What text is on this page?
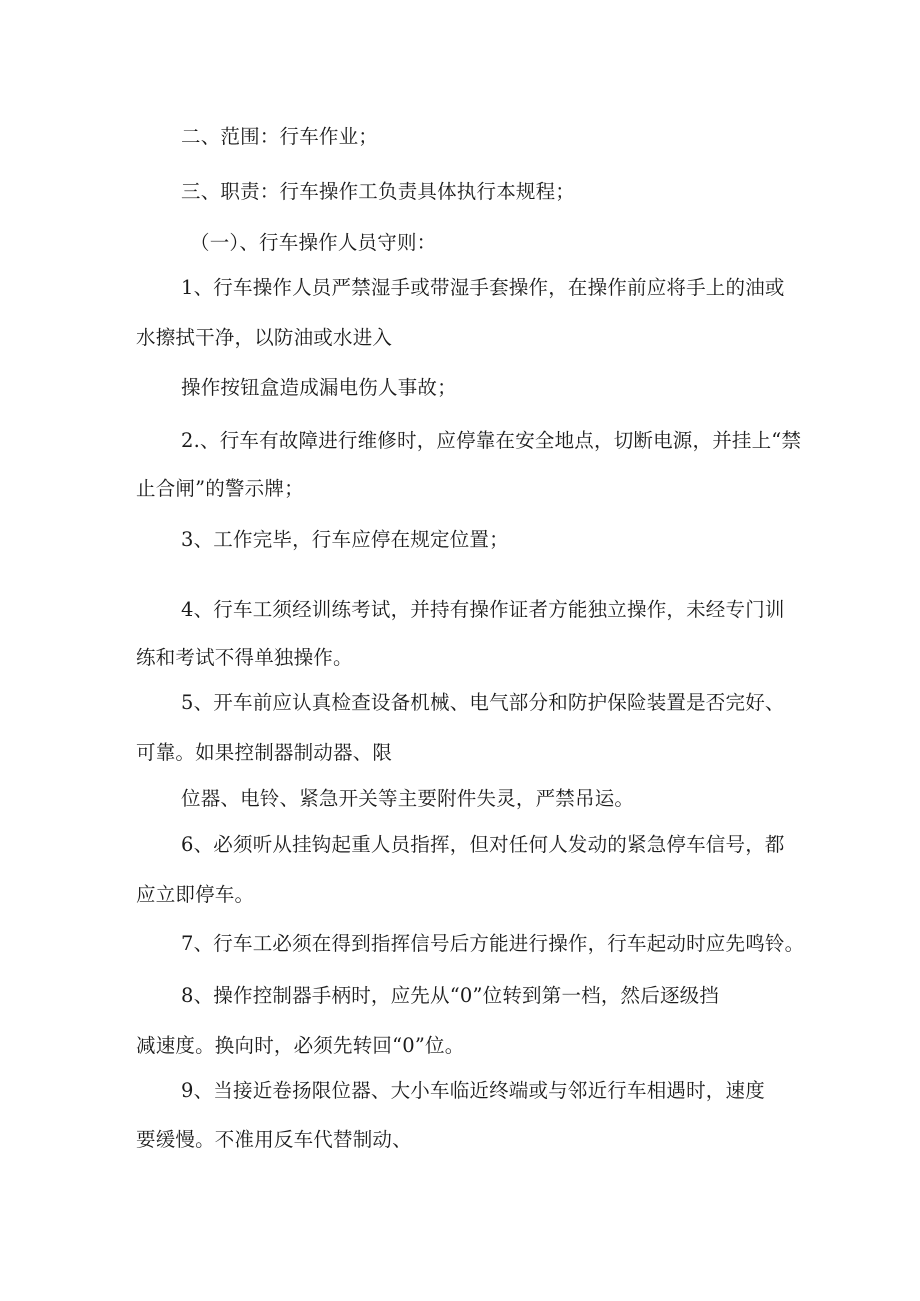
二、范围：行车作业；
三、职责：行车操作工负责具体执行本规程；
（一）、行车操作人员守则：
1、行车操作人员严禁湿手或带湿手套操作，在操作前应将手上的油或
水擦拭干净，以防油或水进入
操作按钮盒造成漏电伤人事故；
2.、行车有故障进行维修时，应停靠在安全地点，切断电源，并挂上“禁
止合闸”的警示牌；
3、工作完毕，行车应停在规定位置；
4、行车工须经训练考试，并持有操作证者方能独立操作，未经专门训
练和考试不得单独操作。
5、开车前应认真检查设备机械、电气部分和防护保险装置是否完好、
可靠。如果控制器制动器、限
位器、电铃、紧急开关等主要附件失灵，严禁吊运。
6、必须听从挂钩起重人员指挥，但对任何人发动的紧急停车信号，都
应立即停车。
7、行车工必须在得到指挥信号后方能进行操作，行车起动时应先鸣铃。
8、操作控制器手柄时，应先从“0”位转到第一档，然后逐级挡
减速度。换向时，必须先转回“0”位。
9、当接近卷扬限位器、大小车临近终端或与邻近行车相遇时，速度
要缓慢。不准用反车代替制动、
